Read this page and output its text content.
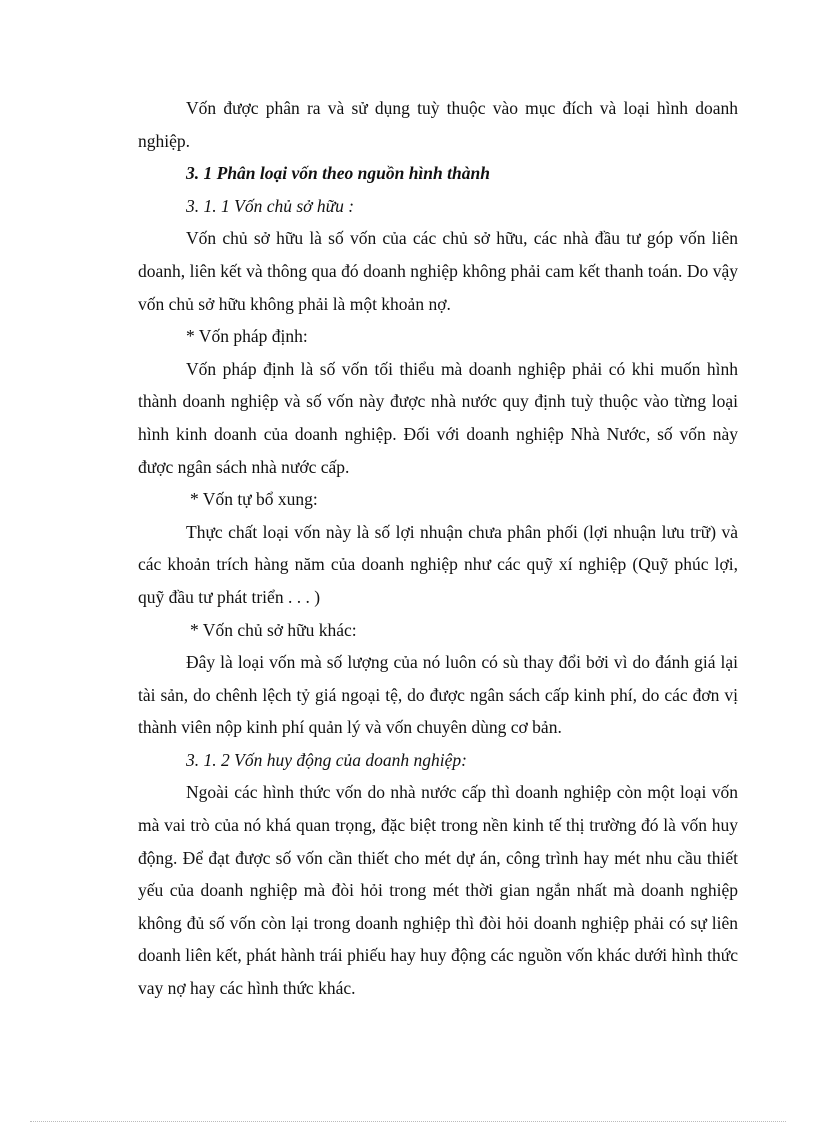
Vốn được phân ra và sử dụng tuỳ thuộc vào mục đích và loại hình doanh nghiệp.

3. 1 Phân loại vốn theo nguồn hình thành

3. 1. 1 Vốn chủ sở hữu :

Vốn chủ sở hữu là số vốn của các chủ sở hữu, các nhà đầu tư góp vốn liên doanh, liên kết và thông qua đó doanh nghiệp không phải cam kết thanh toán. Do vậy vốn chủ sở hữu không phải là một khoản nợ.

* Vốn pháp định:

Vốn pháp định là số vốn tối thiểu mà doanh nghiệp phải có khi muốn hình thành doanh nghiệp và số vốn này được nhà nước quy định tuỳ thuộc vào từng loại hình kinh doanh của doanh nghiệp. Đối với doanh nghiệp Nhà Nước, số vốn này được ngân sách nhà nước cấp.

* Vốn tự bổ xung:

Thực chất loại vốn này là số lợi nhuận chưa phân phối (lợi nhuận lưu trữ) và các khoản trích hàng năm của doanh nghiệp như các quỹ xí nghiệp (Quỹ phúc lợi, quỹ đầu tư phát triển . . . )

* Vốn chủ sở hữu khác:

Đây là loại vốn mà số lượng của nó luôn có sù thay đổi bởi vì do đánh giá lại tài sản, do chênh lệch tỷ giá ngoại tệ, do được ngân sách cấp kinh phí, do các đơn vị thành viên nộp kinh phí quản lý và vốn chuyên dùng cơ bản.

3. 1. 2 Vốn huy động của doanh nghiệp:

Ngoài các hình thức vốn do nhà nước cấp thì doanh nghiệp còn một loại vốn mà vai trò của nó khá quan trọng, đặc biệt trong nền kinh tế thị trường đó là vốn huy động. Để đạt được số vốn cần thiết cho mét dự án, công trình hay mét nhu cầu thiết yếu của doanh nghiệp mà đòi hỏi trong mét thời gian ngắn nhất mà doanh nghiệp không đủ số vốn còn lại trong doanh nghiệp thì đòi hỏi doanh nghiệp phải có sự liên doanh liên kết, phát hành trái phiếu hay huy động các nguồn vốn khác dưới hình thức vay nợ hay các hình thức khác.
